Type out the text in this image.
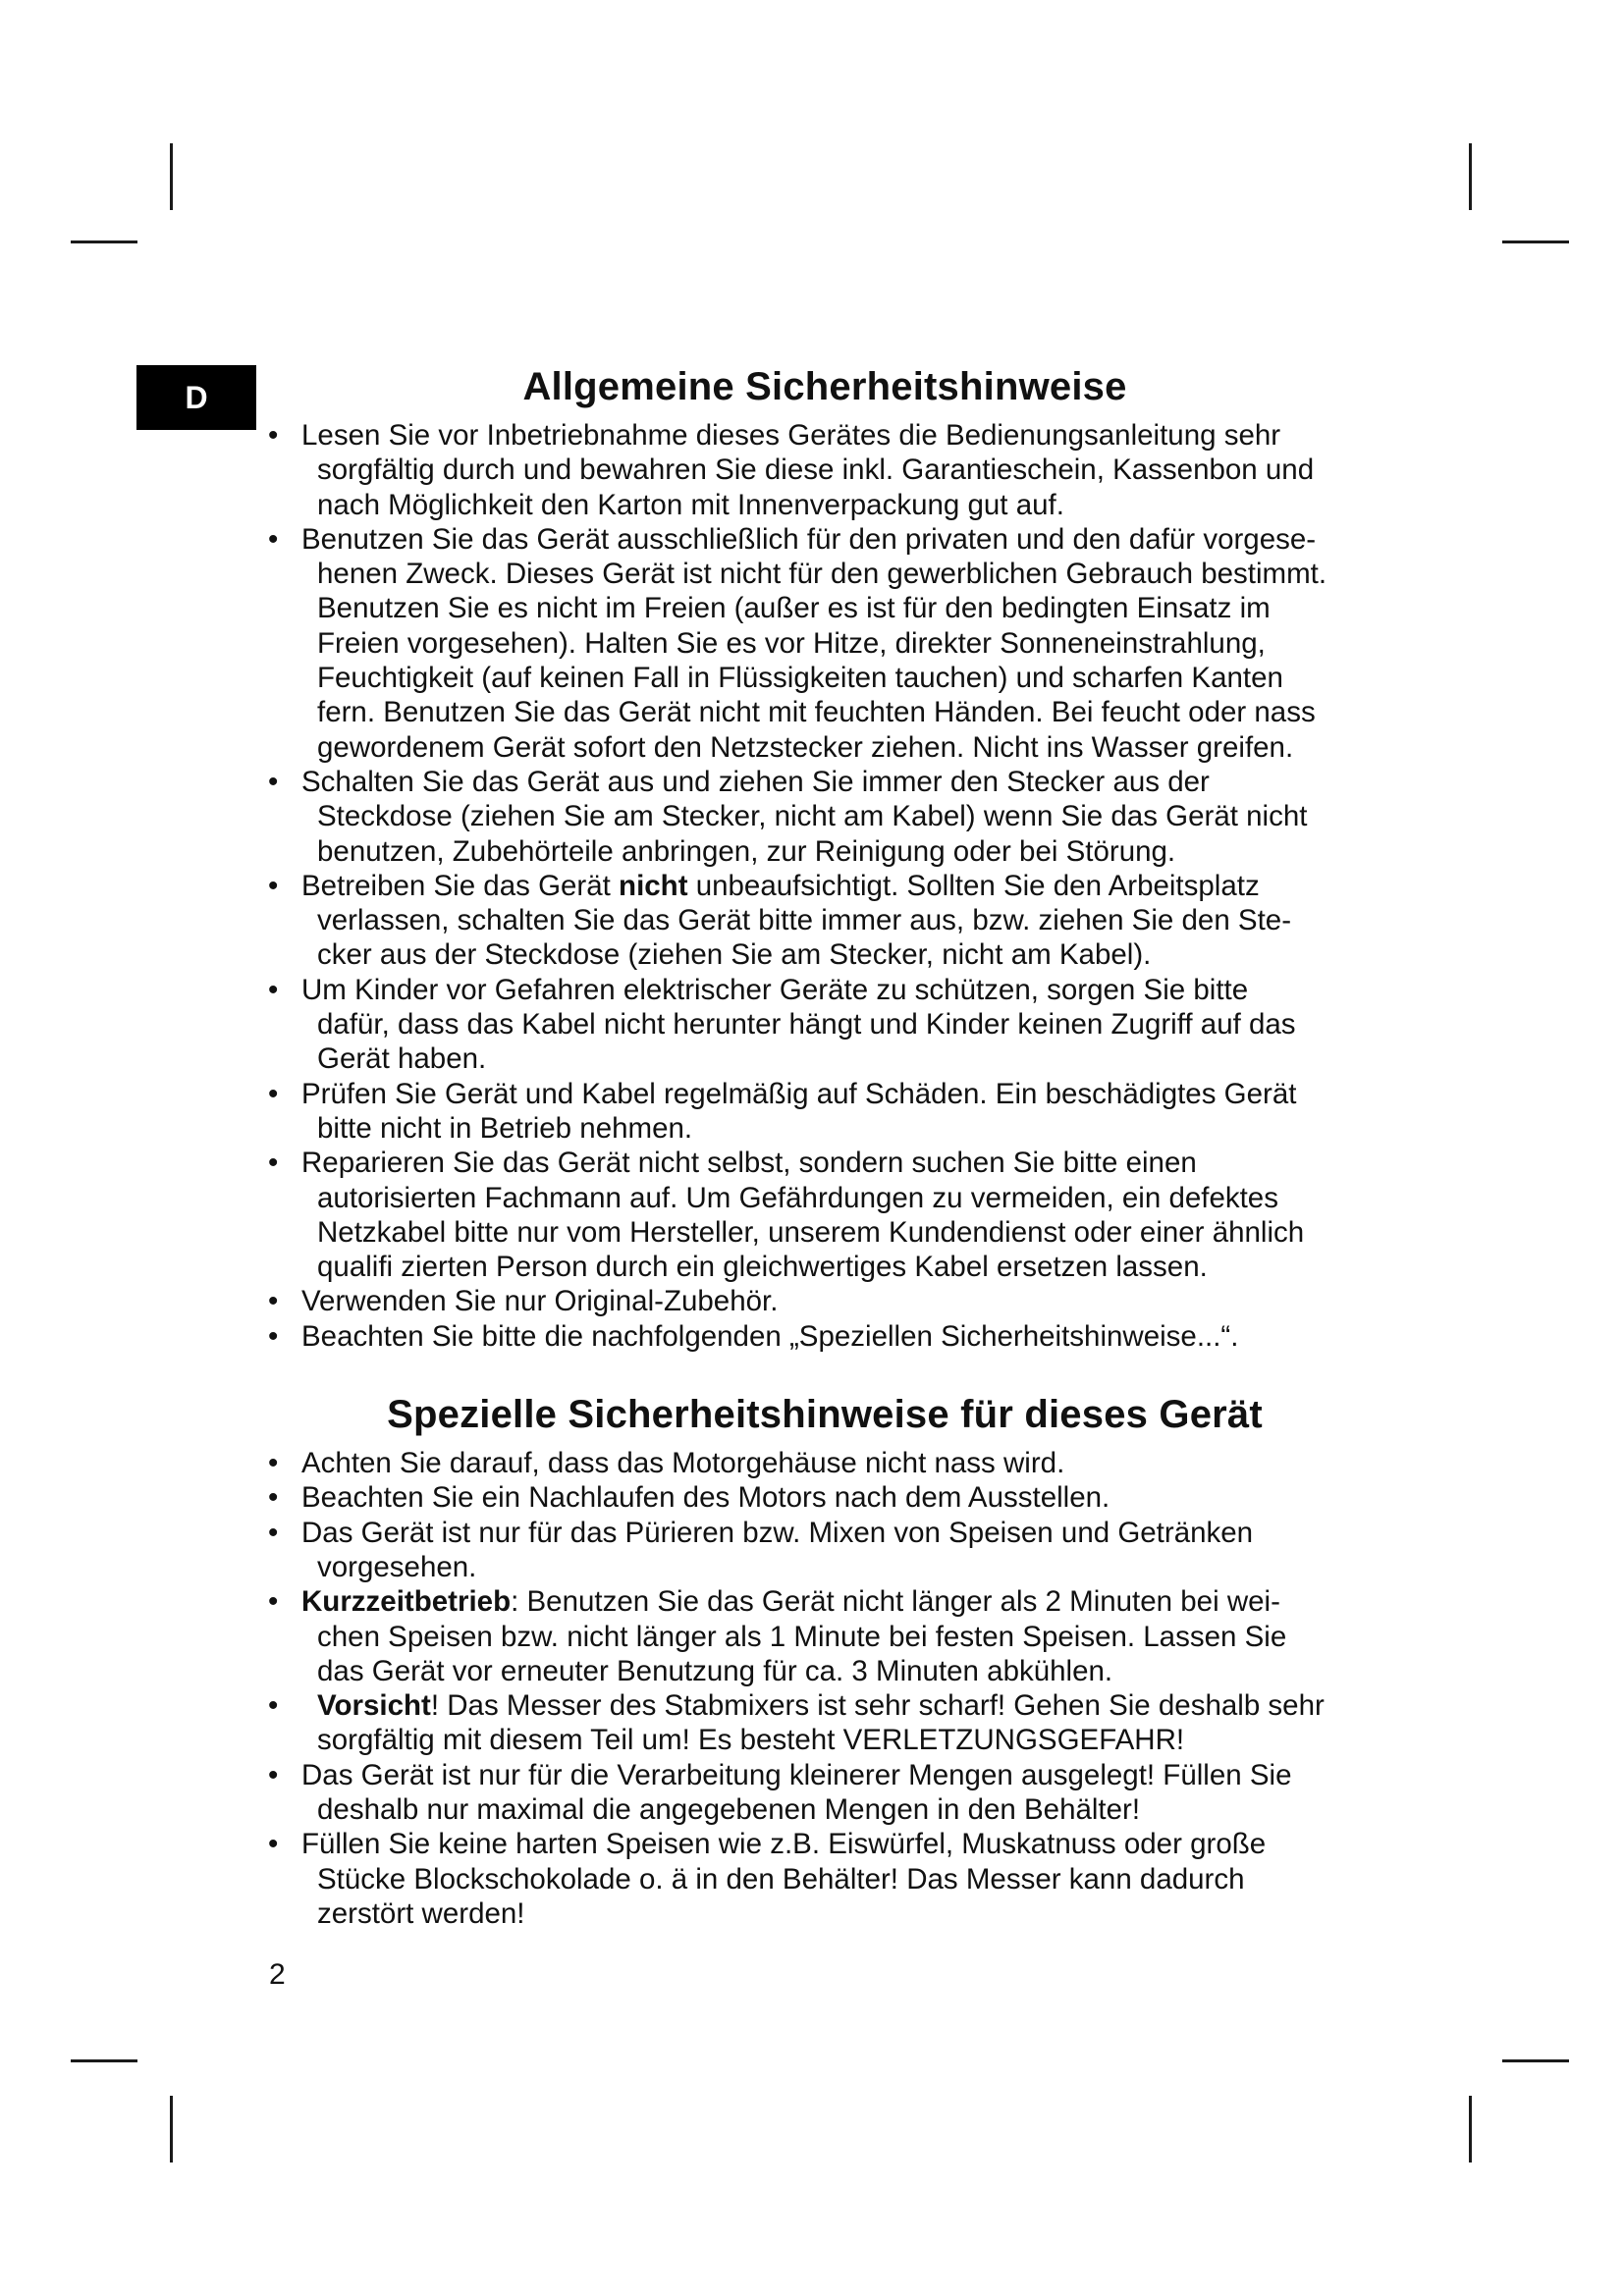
D	Allgemeine Sicherheitshinweise
• Lesen Sie vor Inbetriebnahme dieses Gerätes die Bedienungsanleitung sehr
sorgfältig durch und bewahren Sie diese inkl. Garantieschein, Kassenbon und
nach Möglichkeit den Karton mit Innenverpackung gut auf.
• Benutzen Sie das Gerät ausschließlich für den privaten und den dafür vorgese-
henen Zweck. Dieses Gerät ist nicht für den gewerblichen Gebrauch bestimmt.
Benutzen Sie es nicht im Freien (außer es ist für den bedingten Einsatz im
Freien vorgesehen). Halten Sie es vor Hitze, direkter Sonneneinstrahlung,
Feuchtigkeit (auf keinen Fall in Flüssigkeiten tauchen) und scharfen Kanten
fern. Benutzen Sie das Gerät nicht mit feuchten Händen. Bei feucht oder nass
gewordenem Gerät sofort den Netzstecker ziehen. Nicht ins Wasser greifen.
• Schalten Sie das Gerät aus und ziehen Sie immer den Stecker aus der
Steckdose (ziehen Sie am Stecker, nicht am Kabel) wenn Sie das Gerät nicht
benutzen, Zubehörteile anbringen, zur Reinigung oder bei Störung.
• Betreiben Sie das Gerät nicht unbeaufsichtigt. Sollten Sie den Arbeitsplatz
verlassen, schalten Sie das Gerät bitte immer aus, bzw. ziehen Sie den Ste-
cker aus der Steckdose (ziehen Sie am Stecker, nicht am Kabel).
• Um Kinder vor Gefahren elektrischer Geräte zu schützen, sorgen Sie bitte
dafür, dass das Kabel nicht herunter hängt und Kinder keinen Zugriff auf das
Gerät haben.
• Prüfen Sie Gerät und Kabel regelmäßig auf Schäden. Ein beschädigtes Gerät
bitte nicht in Betrieb nehmen.
• Reparieren Sie das Gerät nicht selbst, sondern suchen Sie bitte einen
autorisierten Fachmann auf. Um Gefährdungen zu vermeiden, ein defektes
Netzkabel bitte nur vom Hersteller, unserem Kundendienst oder einer ähnlich
qualifi zierten Person durch ein gleichwertiges Kabel ersetzen lassen.
• Verwenden Sie nur Original-Zubehör.
• Beachten Sie bitte die nachfolgenden „Speziellen Sicherheitshinweise...“.
Spezielle Sicherheitshinweise für dieses Gerät
• Achten Sie darauf, dass das Motorgehäuse nicht nass wird.
• Beachten Sie ein Nachlaufen des Motors nach dem Ausstellen.
• Das Gerät ist nur für das Pürieren bzw. Mixen von Speisen und Getränken
vorgesehen.
• Kurzzeitbetrieb: Benutzen Sie das Gerät nicht länger als 2 Minuten bei wei-
chen Speisen bzw. nicht länger als 1 Minute bei festen Speisen. Lassen Sie
das Gerät vor erneuter Benutzung für ca. 3 Minuten abkühlen.
•	Vorsicht! Das Messer des Stabmixers ist sehr scharf! Gehen Sie deshalb sehr
sorgfältig mit diesem Teil um! Es besteht VERLETZUNGSGEFAHR!
• Das Gerät ist nur für die Verarbeitung kleinerer Mengen ausgelegt! Füllen Sie
deshalb nur maximal die angegebenen Mengen in den Behälter!
• Füllen Sie keine harten Speisen wie z.B. Eiswürfel, Muskatnuss oder große
Stücke Blockschokolade o. ä in den Behälter! Das Messer kann dadurch
zerstört werden!
2
